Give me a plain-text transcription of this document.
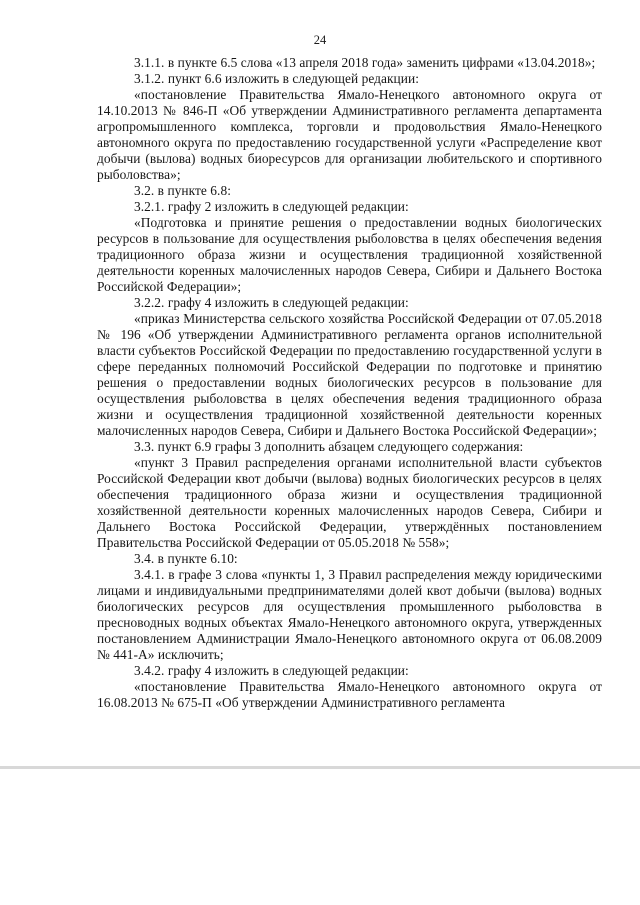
24

3.1.1. в пункте 6.5 слова «13 апреля 2018 года» заменить цифрами «13.04.2018»;

3.1.2. пункт 6.6 изложить в следующей редакции:

«постановление Правительства Ямало-Ненецкого автономного округа от 14.10.2013 № 846-П «Об утверждении Административного регламента департамента агропромышленного комплекса, торговли и продовольствия Ямало-Ненецкого автономного округа по предоставлению государственной услуги «Распределение квот добычи (вылова) водных биоресурсов для организации любительского и спортивного рыболовства»;

3.2. в пункте 6.8:

3.2.1. графу 2 изложить в следующей редакции:

«Подготовка и принятие решения о предоставлении водных биологических ресурсов в пользование для осуществления рыболовства в целях обеспечения ведения традиционного образа жизни и осуществления традиционной хозяйственной деятельности коренных малочисленных народов Севера, Сибири и Дальнего Востока Российской Федерации»;

3.2.2. графу 4 изложить в следующей редакции:

«приказ Министерства сельского хозяйства Российской Федерации от 07.05.2018 № 196 «Об утверждении Административного регламента органов исполнительной власти субъектов Российской Федерации по предоставлению государственной услуги в сфере переданных полномочий Российской Федерации по подготовке и принятию решения о предоставлении водных биологических ресурсов в пользование для осуществления рыболовства в целях обеспечения ведения традиционного образа жизни и осуществления традиционной хозяйственной деятельности коренных малочисленных народов Севера, Сибири и Дальнего Востока Российской Федерации»;

3.3. пункт 6.9 графы 3 дополнить абзацем следующего содержания:

«пункт 3 Правил распределения органами исполнительной власти субъектов Российской Федерации квот добычи (вылова) водных биологических ресурсов в целях обеспечения традиционного образа жизни и осуществления традиционной хозяйственной деятельности коренных малочисленных народов Севера, Сибири и Дальнего Востока Российской Федерации, утверждённых постановлением Правительства Российской Федерации от 05.05.2018 № 558»;

3.4. в пункте 6.10:

3.4.1. в графе 3 слова «пункты 1, 3 Правил распределения между юридическими лицами и индивидуальными предпринимателями долей квот добычи (вылова) водных биологических ресурсов для осуществления промышленного рыболовства в пресноводных водных объектах Ямало-Ненецкого автономного округа, утвержденных постановлением Администрации Ямало-Ненецкого автономного округа от 06.08.2009 № 441-А» исключить;

3.4.2. графу 4 изложить в следующей редакции:

«постановление Правительства Ямало-Ненецкого автономного округа от 16.08.2013 № 675-П «Об утверждении Административного регламента
